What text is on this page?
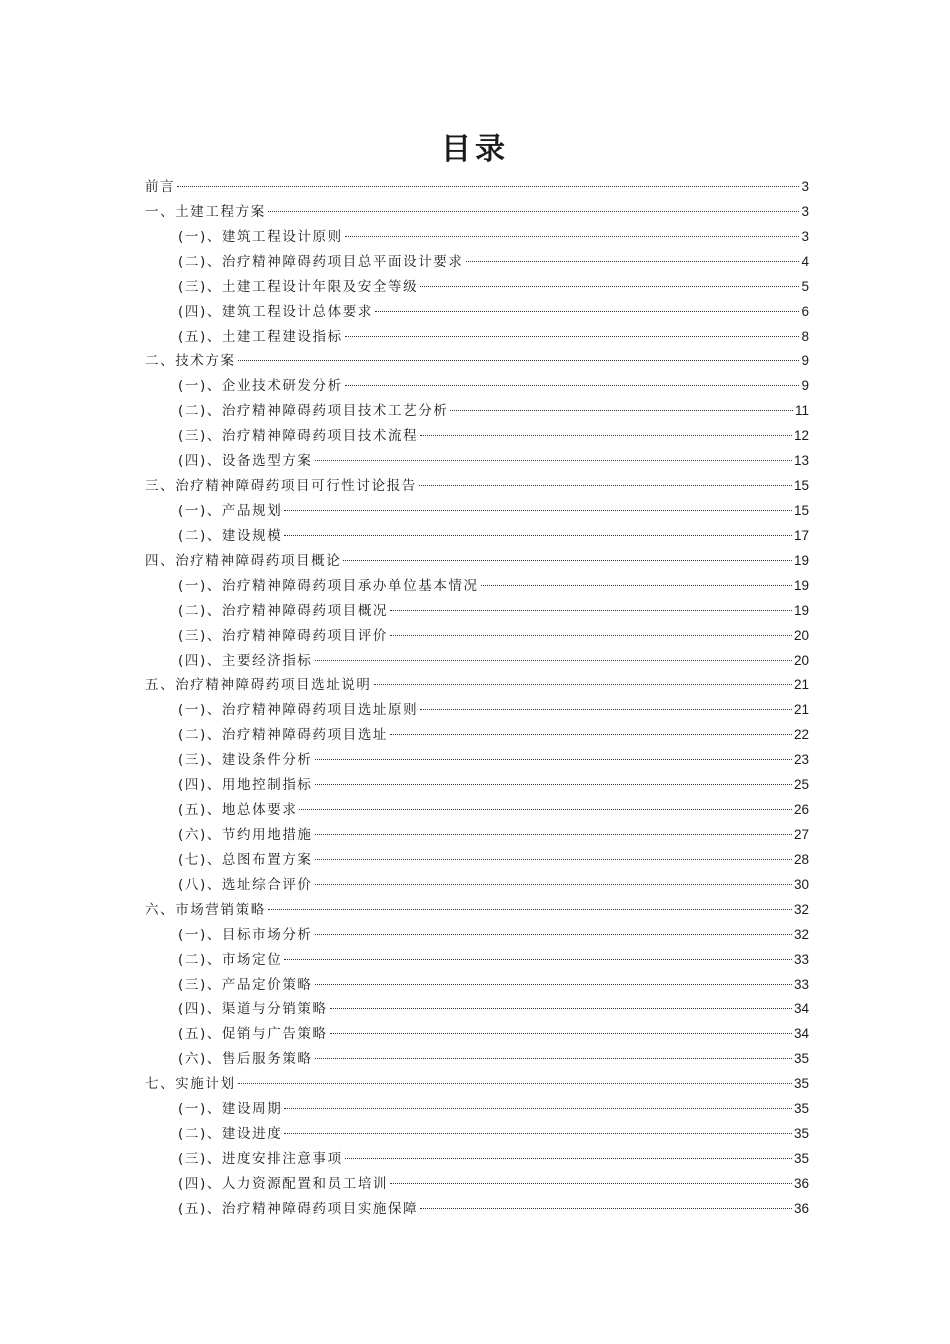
目录
前言	3
一、土建工程方案	3
(一)、建筑工程设计原则	3
(二)、治疗精神障碍药项目总平面设计要求	4
(三)、土建工程设计年限及安全等级	5
(四)、建筑工程设计总体要求	6
(五)、土建工程建设指标	8
二、技术方案	9
(一)、企业技术研发分析	9
(二)、治疗精神障碍药项目技术工艺分析	11
(三)、治疗精神障碍药项目技术流程	12
(四)、设备选型方案	13
三、治疗精神障碍药项目可行性讨论报告	15
(一)、产品规划	15
(二)、建设规模	17
四、治疗精神障碍药项目概论	19
(一)、治疗精神障碍药项目承办单位基本情况	19
(二)、治疗精神障碍药项目概况	19
(三)、治疗精神障碍药项目评价	20
(四)、主要经济指标	20
五、治疗精神障碍药项目选址说明	21
(一)、治疗精神障碍药项目选址原则	21
(二)、治疗精神障碍药项目选址	22
(三)、建设条件分析	23
(四)、用地控制指标	25
(五)、地总体要求	26
(六)、节约用地措施	27
(七)、总图布置方案	28
(八)、选址综合评价	30
六、市场营销策略	32
(一)、目标市场分析	32
(二)、市场定位	33
(三)、产品定价策略	33
(四)、渠道与分销策略	34
(五)、促销与广告策略	34
(六)、售后服务策略	35
七、实施计划	35
(一)、建设周期	35
(二)、建设进度	35
(三)、进度安排注意事项	35
(四)、人力资源配置和员工培训	36
(五)、治疗精神障碍药项目实施保障	36
